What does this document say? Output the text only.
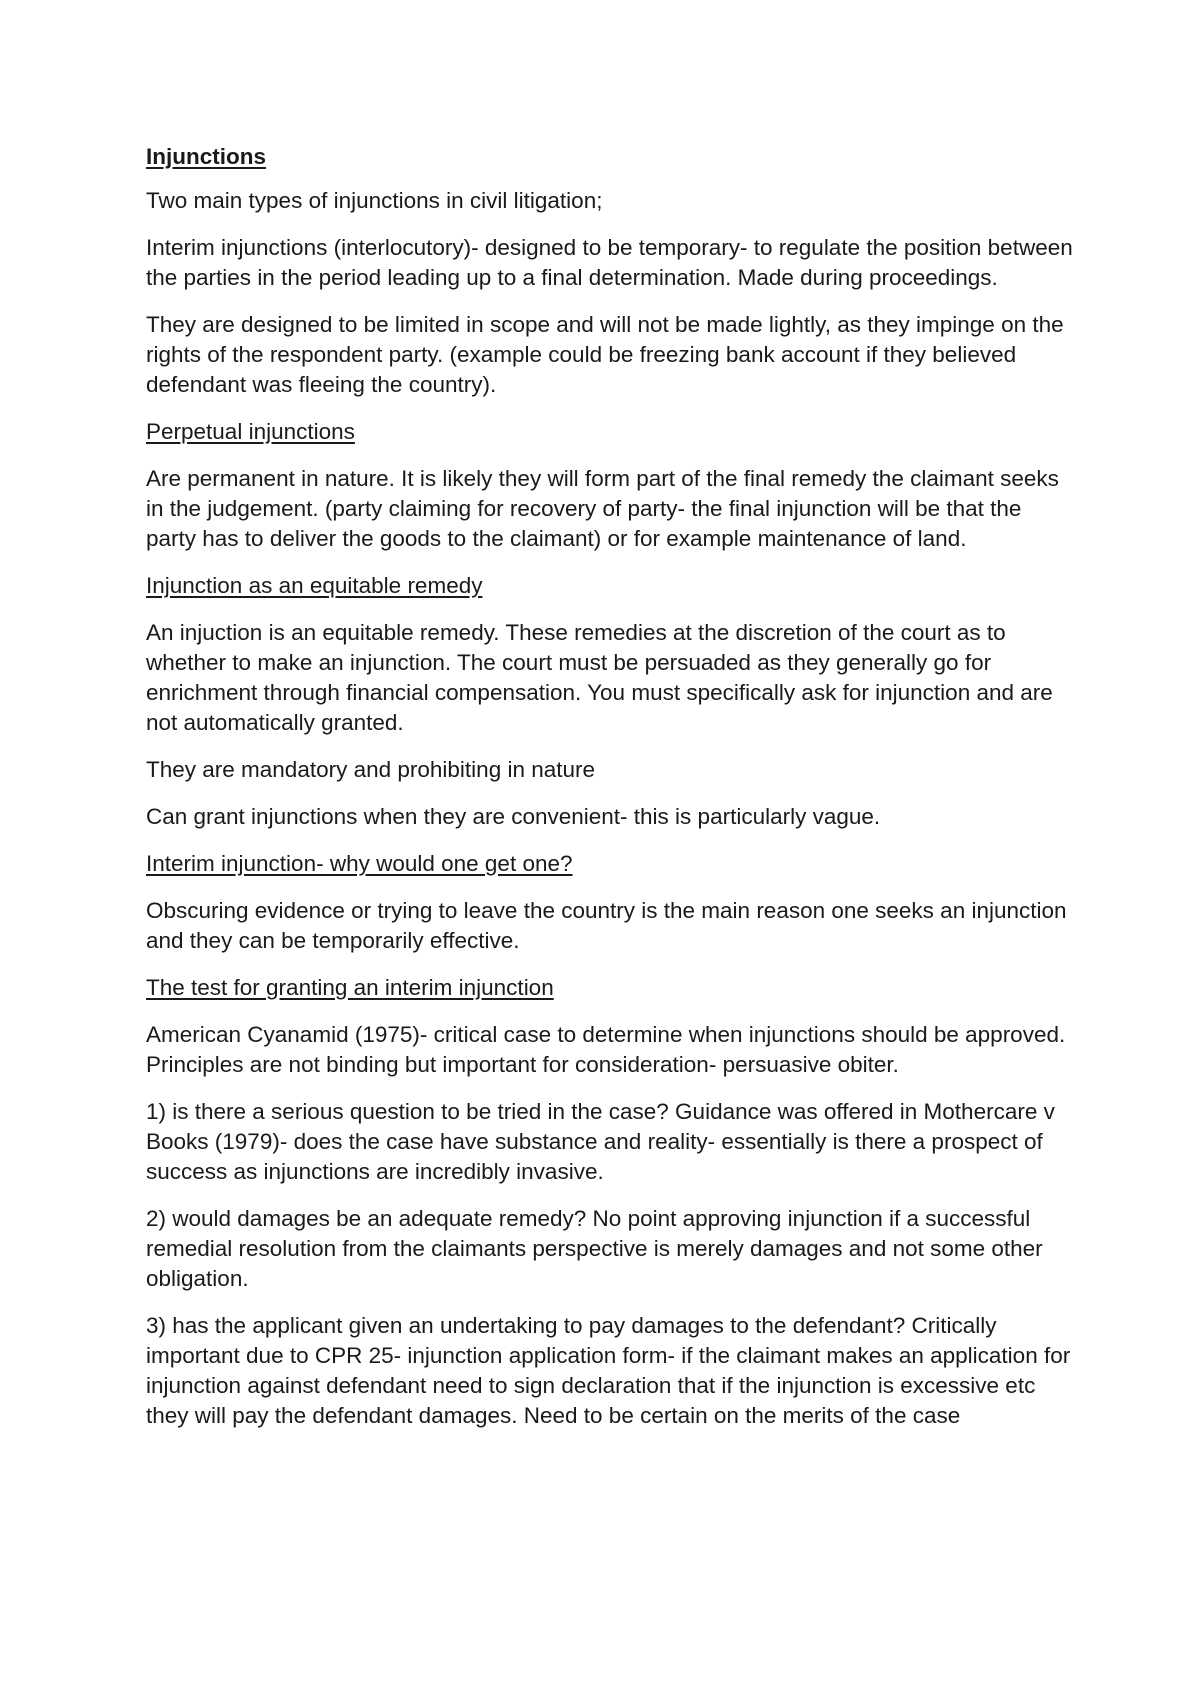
Injunctions

Two main types of injunctions in civil litigation;

Interim injunctions (interlocutory)- designed to be temporary- to regulate the position between the parties in the period leading up to a final determination. Made during proceedings.

They are designed to be limited in scope and will not be made lightly, as they impinge on the rights of the respondent party. (example could be freezing bank account if they believed defendant was fleeing the country).

Perpetual injunctions

Are permanent in nature. It is likely they will form part of the final remedy the claimant seeks in the judgement. (party claiming for recovery of party- the final injunction will be that the party has to deliver the goods to the claimant) or for example maintenance of land.

Injunction as an equitable remedy

An injuction is an equitable remedy. These remedies at the discretion of the court as to whether to make an injunction. The court must be persuaded as they generally go for enrichment through financial compensation. You must specifically ask for injunction and are not automatically granted.

They are mandatory and prohibiting in nature

Can grant injunctions when they are convenient- this is particularly vague.

Interim injunction- why would one get one?

Obscuring evidence or trying to leave the country is the main reason one seeks an injunction and they can be temporarily effective.

The test for granting an interim injunction

American Cyanamid (1975)- critical case to determine when injunctions should be approved. Principles are not binding but important for consideration- persuasive obiter.

1) is there a serious question to be tried in the case? Guidance was offered in Mothercare v Books (1979)- does the case have substance and reality- essentially is there a prospect of success as injunctions are incredibly invasive.

2) would damages be an adequate remedy? No point approving injunction if a successful remedial resolution from the claimants perspective is merely damages and not some other obligation.

3) has the applicant given an undertaking to pay damages to the defendant? Critically important due to CPR 25- injunction application form- if the claimant makes an application for injunction against defendant need to sign declaration that if the injunction is excessive etc they will pay the defendant damages. Need to be certain on the merits of the case
